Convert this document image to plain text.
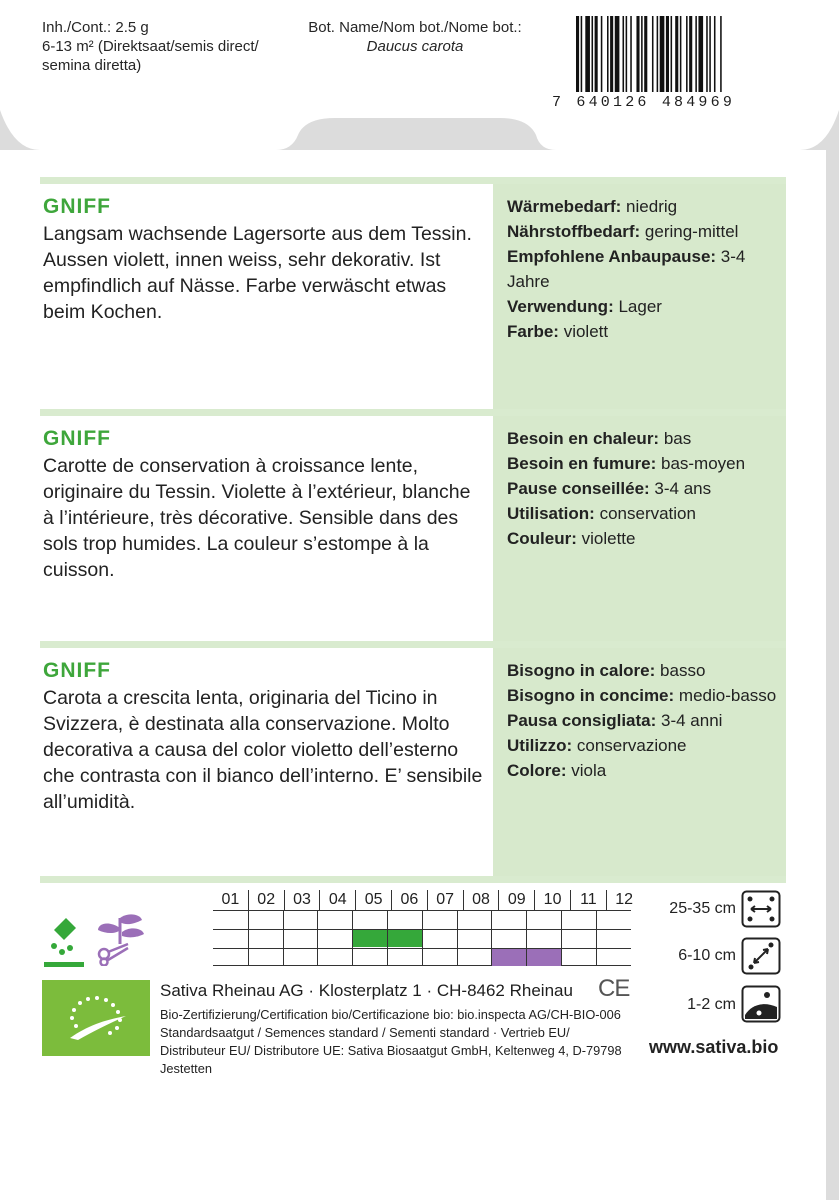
Inh./Cont.: 2.5 g
6-13 m² (Direktsaat/semis direct/
semina diretta)
Bot. Name/Nom bot./Nome bot.:
Daucus carota
7 640126 484969
GNIFF
Langsam wachsende Lagersorte aus dem Tessin. Aussen violett, innen weiss, sehr dekorativ. Ist empfindlich auf Nässe. Farbe verwäscht etwas beim Kochen.
Wärmebedarf: niedrig
Nährstoffbedarf: gering-mittel
Empfohlene Anbaupause: 3-4 Jahre
Verwendung: Lager
Farbe: violett
GNIFF
Carotte de conservation à croissance lente, originaire du Tessin. Violette à l’extérieur, blanche à l’intérieure, très décorative. Sensible dans des sols trop humides. La couleur s’estompe à la cuisson.
Besoin en chaleur: bas
Besoin en fumure: bas-moyen
Pause conseillée: 3-4 ans
Utilisation: conservation
Couleur: violette
GNIFF
Carota a crescita lenta, originaria del Ticino in Svizzera, è destinata alla conservazione. Molto decorativa a causa del color violetto dell’esterno che contrasta con il bianco dell’interno. E’ sensibile all’umidità.
Bisogno in calore: basso
Bisogno in concime: medio-basso
Pausa consigliata: 3-4 anni
Utilizzo: conservazione
Colore: viola
01	02	03	04	05	06	07	08	09	10	11	12
Sativa Rheinau AG · Klosterplatz 1 · CH-8462 Rheinau CE
Bio-Zertifizierung/Certification bio/Certificazione bio: bio.inspecta AG/CH-BIO-006
Standardsaatgut / Semences standard / Sementi standard · Vertrieb EU/ Distributeur EU/ Distributore UE: Sativa Biosaatgut GmbH, Keltenweg 4, D-79798 Jestetten
25-35 cm
6-10 cm
1-2 cm
www.sativa.bio
